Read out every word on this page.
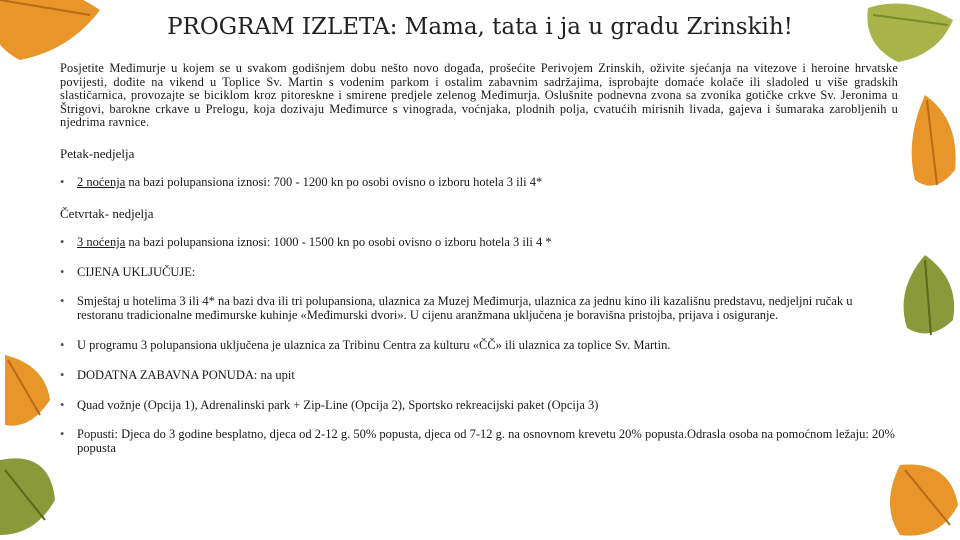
PROGRAM IZLETA: Mama, tata i ja u gradu Zrinskih!

Posjetite Međimurje u kojem se u svakom godišnjem dobu nešto novo događa, prošećite Perivojem Zrinskih, oživite sjećanja na vitezove i heroine hrvatske povijesti, dođite na vikend u Toplice Sv. Martin s vodenim parkom i ostalim zabavnim sadržajima, isprobajte domaće kolače ili sladoled u više gradskih slastičarnica, provozajte se biciklom kroz pitoreskne i smirene predjele zelenog Međimurja. Oslušnite podnevna zvona sa zvonika gotičke crkve Sv. Jeronima u Štrigovi, barokne crkave u Prelogu, koja dozivaju Međimurce s vinograda, voćnjaka, plodnih polja, cvatućih mirisnih livada, gajeva i šumaraka zarobljenih u njedrima ravnice.

Petak-nedjelja
• 2 noćenja na bazi polupansiona iznosi: 700 - 1200 kn po osobi ovisno o izboru hotela 3 ili 4*
Četvrtak- nedjelja
• 3 noćenja na bazi polupansiona iznosi: 1000 - 1500 kn po osobi ovisno o izboru hotela 3 ili 4 *
• CIJENA UKLJUČUJE:
• Smještaj u hotelima 3 ili 4* na bazi dva ili tri polupansiona, ulaznica za Muzej Međimurja, ulaznica za jednu kino ili kazališnu predstavu, nedjeljni ručak u restoranu tradicionalne međimurske kuhinje «Međimurski dvori». U cijenu aranžmana uključena je boravišna pristojba, prijava i osiguranje.
• U programu 3 polupansiona uključena je ulaznica za Tribinu Centra za kulturu «ČČ» ili ulaznica za toplice Sv. Martin.
• DODATNA ZABAVNA PONUDA: na upit
• Quad vožnje (Opcija 1), Adrenalinski park + Zip-Line (Opcija 2), Sportsko rekreacijski paket (Opcija 3)
• Popusti: Djeca do 3 godine besplatno, djeca od 2-12 g. 50% popusta, djeca od 7-12 g. na osnovnom krevetu 20% popusta.Odrasla osoba na pomoćnom ležaju: 20% popusta
